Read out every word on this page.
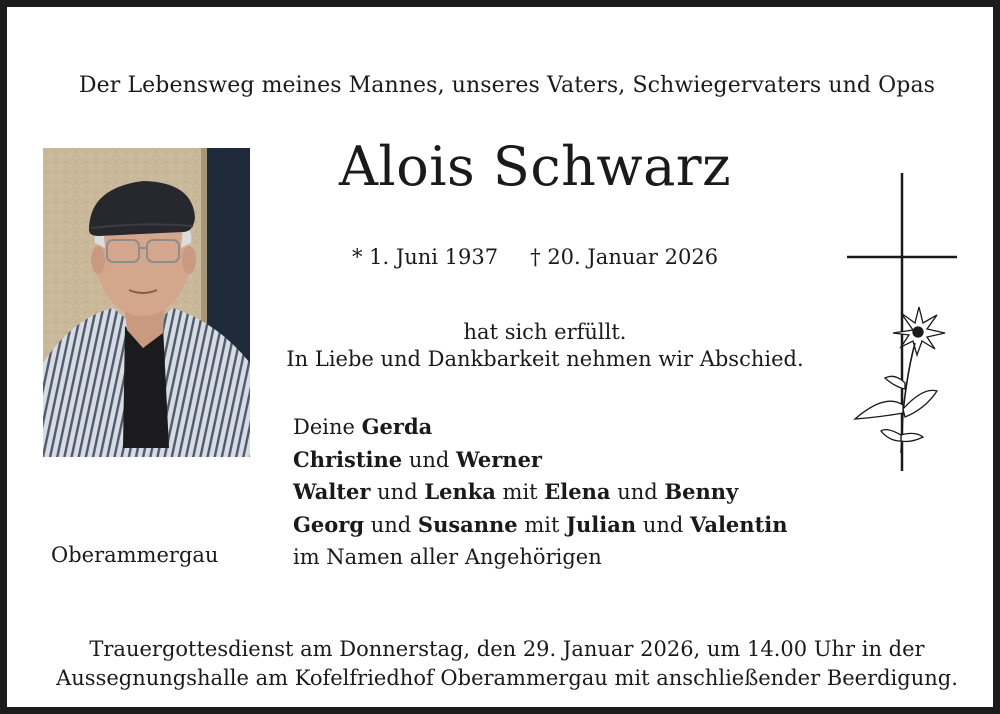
Der Lebensweg meines Mannes, unseres Vaters, Schwiegervaters und Opas
Alois Schwarz
* 1. Juni 1937 † 20. Januar 2026
hat sich erfüllt.
In Liebe und Dankbarkeit nehmen wir Abschied.
Oberammergau
Deine Gerda
Christine und Werner
Walter und Lenka mit Elena und Benny
Georg und Susanne mit Julian und Valentin
im Namen aller Angehörigen
Trauergottesdienst am Donnerstag, den 29. Januar 2026, um 14.00 Uhr in der
Aussegnungshalle am Kofelfriedhof Oberammergau mit anschließender Beerdigung.
